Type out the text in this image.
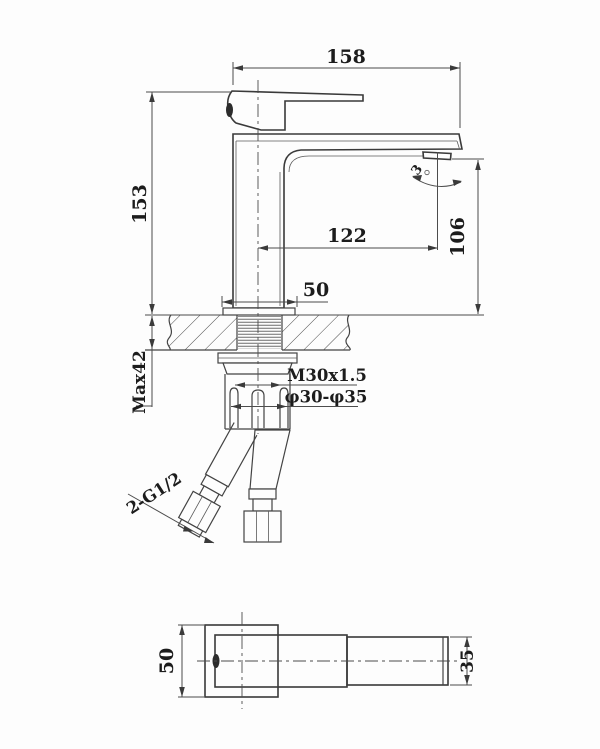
158
153
Max42
122	106
50
3
M30x1.5
φ30-φ35
2-G1/2
50	35
